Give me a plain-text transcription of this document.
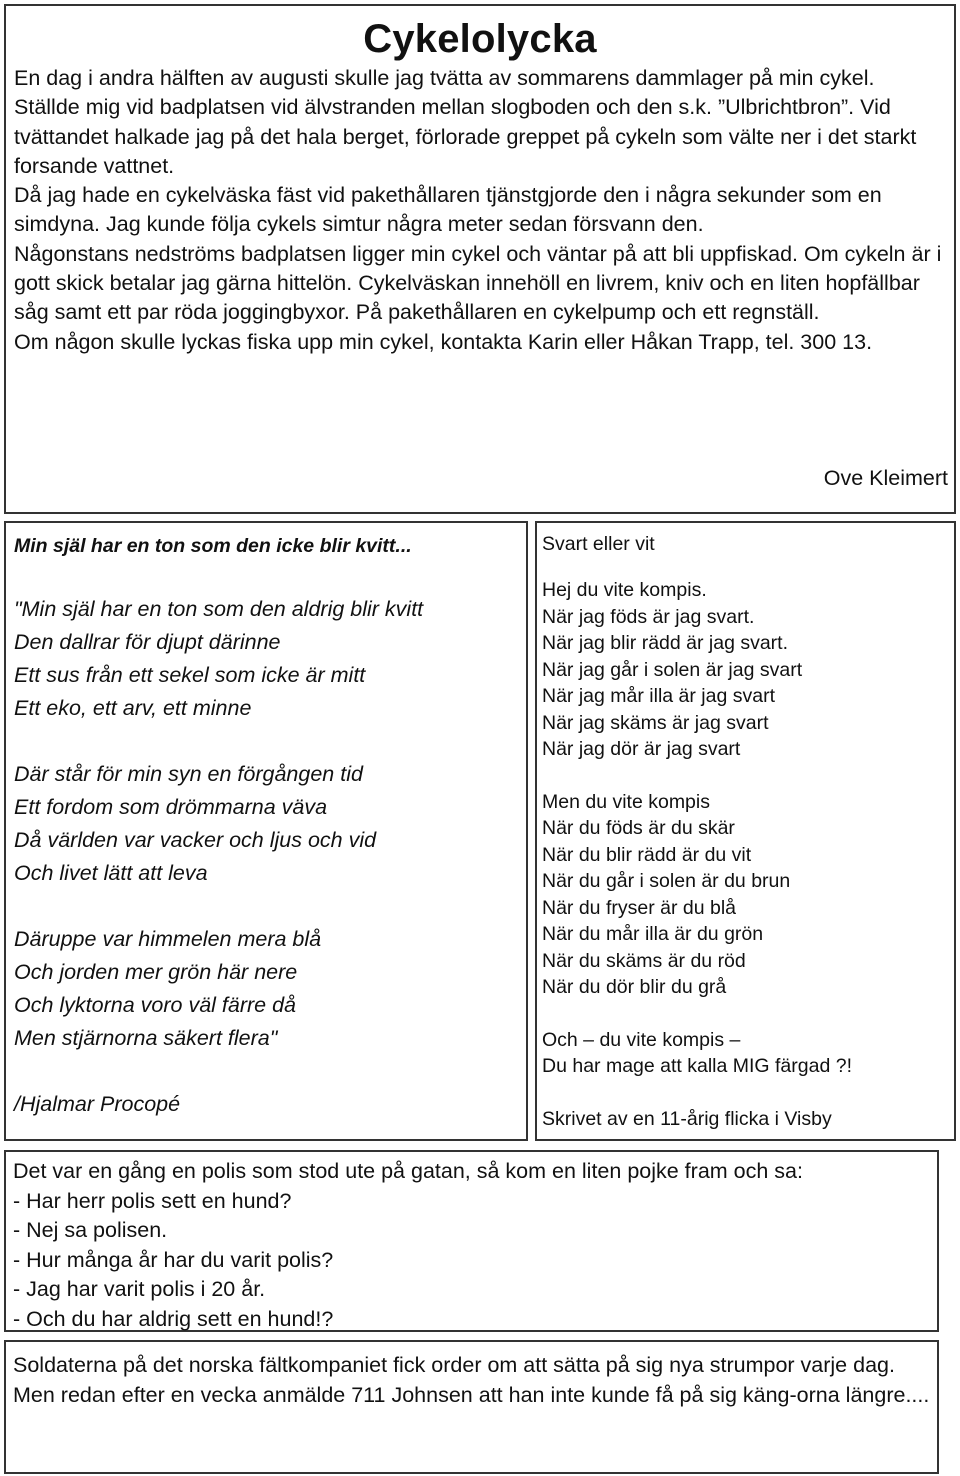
Cykelolycka

En dag i andra hälften av augusti skulle jag tvätta av sommarens dammlager på min cykel.

Ställde mig vid badplatsen vid älvstranden mellan slogboden och den s.k. ”Ulbrichtbron”. Vid tvättandet halkade jag på det hala berget, förlorade greppet på cykeln som välte ner i det starkt forsande vattnet.

Då jag hade en cykelväska fäst vid pakethållaren tjänstgjorde den i några sekunder som en simdyna. Jag kunde följa cykels simtur några meter sedan försvann den.

Någonstans nedströms badplatsen ligger min cykel och väntar på att bli uppfiskad. Om cykeln är i gott skick betalar jag gärna hittelön. Cykelväskan innehöll en livrem, kniv och en liten hopfällbar såg samt ett par röda joggingbyxor. På pakethållaren en cykelpump och ett regnställ.

Om någon skulle lyckas fiska upp min cykel, kontakta Karin eller Håkan Trapp, tel. 300 13.

Ove Kleimert
Min själ har en ton som den icke blir kvitt...
"Min själ har en ton som den aldrig blir kvitt
Den dallrar för djupt därinne
Ett sus från ett sekel som icke är mitt
Ett eko, ett arv, ett minne
Där står för min syn en förgången tid
Ett fordom som drömmarna väva
Då världen var vacker och ljus och vid
Och livet lätt att leva
Däruppe var himmelen mera blå
Och jorden mer grön här nere
Och lyktorna voro väl färre då
Men stjärnorna säkert flera"
/Hjalmar Procopé
Svart eller vit
Hej du vite kompis.
När jag föds är jag svart.
När jag blir rädd är jag svart.
När jag går i solen är jag svart
När jag mår illa är jag svart
När jag skäms är jag svart
När jag dör är jag svart
Men du vite kompis
När du föds är du skär
När du blir rädd är du vit
När du går i solen är du brun
När du fryser är du blå
När du mår illa är du grön
När du skäms är du röd
När du dör blir du grå
Och – du vite kompis –
Du har mage att kalla MIG färgad ?!
Skrivet av en 11-årig flicka i Visby
Det var en gång en polis som stod ute på gatan, så kom en liten pojke fram och sa:
- Har herr polis sett en hund?
- Nej sa polisen.
- Hur många år har du varit polis?
- Jag har varit polis i 20 år.
- Och du har aldrig sett en hund!?

Soldaterna på det norska fältkompaniet fick order om att sätta på sig nya strumpor varje dag.

Men redan efter en vecka anmälde 711 Johnsen att han inte kunde få på sig käng-orna längre....
